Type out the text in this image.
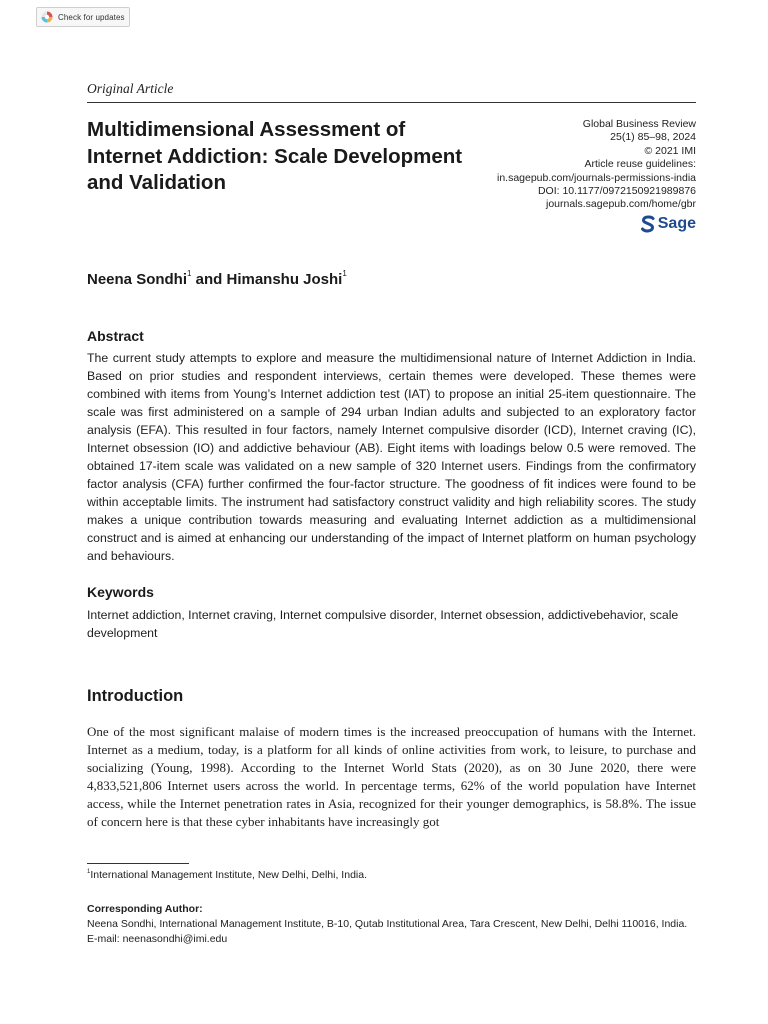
Check for updates
Original Article
Multidimensional Assessment of Internet Addiction: Scale Development and Validation
Global Business Review
25(1) 85–98, 2024
© 2021 IMI
Article reuse guidelines:
in.sagepub.com/journals-permissions-india
DOI: 10.1177/0972150921989876
journals.sagepub.com/home/gbr
Sage
Neena Sondhi$^1$ and Himanshu Joshi$^1$
Abstract

The current study attempts to explore and measure the multidimensional nature of Internet Addiction in India. Based on prior studies and respondent interviews, certain themes were developed. These themes were combined with items from Young’s Internet addiction test (IAT) to propose an initial 25-item questionnaire. The scale was first administered on a sample of 294 urban Indian adults and subjected to an exploratory factor analysis (EFA). This resulted in four factors, namely Internet compulsive disorder (ICD), Internet craving (IC), Internet obsession (IO) and addictive behaviour (AB). Eight items with loadings below 0.5 were removed. The obtained 17-item scale was validated on a new sample of 320 Internet users. Findings from the confirmatory factor analysis (CFA) further confirmed the four-factor structure. The goodness of fit indices were found to be within acceptable limits. The instrument had satisfactory construct validity and high reliability scores. The study makes a unique contribution towards measuring and evaluating Internet addiction as a multidimensional construct and is aimed at enhancing our understanding of the impact of Internet platform on human psychology and behaviours.

Keywords

Internet addiction, Internet craving, Internet compulsive disorder, Internet obsession, addictivebehavior, scale development

Introduction

One of the most significant malaise of modern times is the increased preoccupation of humans with the Internet. Internet as a medium, today, is a platform for all kinds of online activities from work, to leisure, to purchase and socializing (Young, 1998). According to the Internet World Stats (2020), as on 30 June 2020, there were 4,833,521,806 Internet users across the world. In percentage terms, 62% of the world population have Internet access, while the Internet penetration rates in Asia, recognized for their younger demographics, is 58.8%. The issue of concern here is that these cyber inhabitants have increasingly got

$^1$International Management Institute, New Delhi, Delhi, India.
Corresponding Author:
Neena Sondhi, International Management Institute, B-10, Qutab Institutional Area, Tara Crescent, New Delhi, Delhi 110016, India.
E-mail: neenasondhi@imi.edu
